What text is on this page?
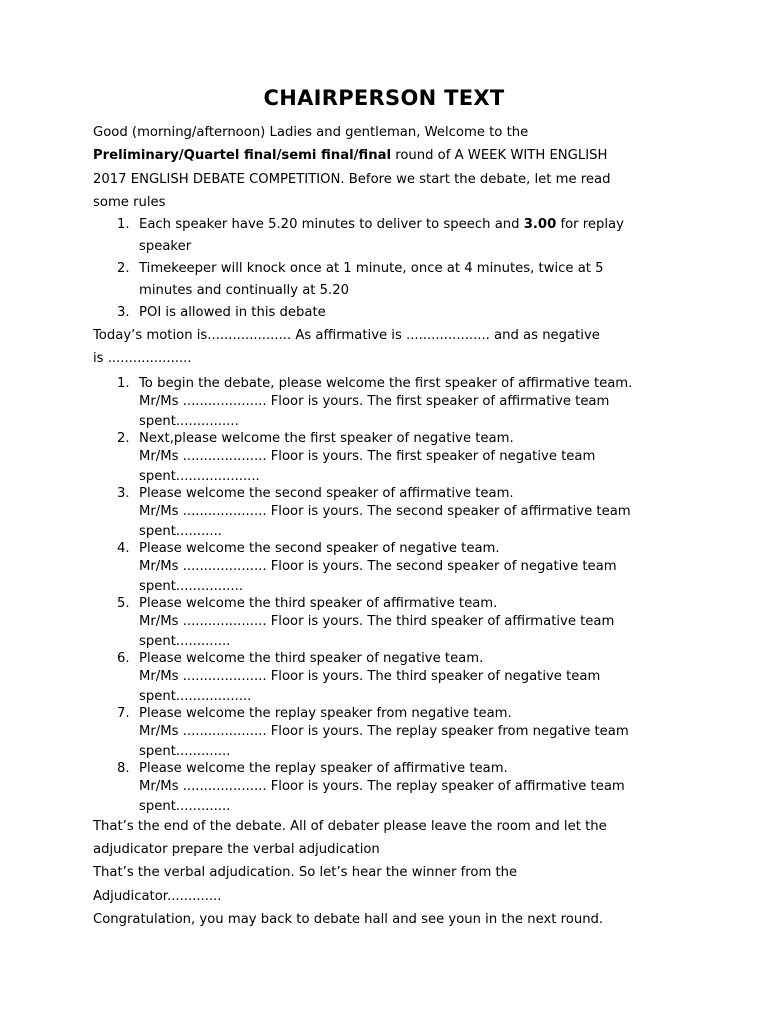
CHAIRPERSON TEXT

Good (morning/afternoon) Ladies and gentleman, Welcome to the
Preliminary/Quartel final/semi final/final round of A WEEK WITH ENGLISH
2017 ENGLISH DEBATE COMPETITION. Before we start the debate, let me read
some rules

1. Each speaker have 5.20 minutes to deliver to speech and 3.00 for replay
speaker
2. Timekeeper will knock once at 1 minute, once at 4 minutes, twice at 5
minutes and continually at 5.20
3. POI is allowed in this debate

Today’s motion is.................... As affirmative is .................... and as negative
is ....................

1. To begin the debate, please welcome the first speaker of affirmative team.
Mr/Ms .................... Floor is yours. The first speaker of affirmative team
spent...............
2. Next,please welcome the first speaker of negative team.
Mr/Ms .................... Floor is yours. The first speaker of negative team
spent....................
3. Please welcome the second speaker of affirmative team.
Mr/Ms .................... Floor is yours. The second speaker of affirmative team
spent...........
4. Please welcome the second speaker of negative team.
Mr/Ms .................... Floor is yours. The second speaker of negative team
spent................
5. Please welcome the third speaker of affirmative team.
Mr/Ms .................... Floor is yours. The third speaker of affirmative team
spent.............
6. Please welcome the third speaker of negative team.
Mr/Ms .................... Floor is yours. The third speaker of negative team
spent..................
7. Please welcome the replay speaker from negative team.
Mr/Ms .................... Floor is yours. The replay speaker from negative team
spent.............
8. Please welcome the replay speaker of affirmative team.
Mr/Ms .................... Floor is yours. The replay speaker of affirmative team
spent.............

That’s the end of the debate. All of debater please leave the room and let the
adjudicator prepare the verbal adjudication
That’s the verbal adjudication. So let’s hear the winner from the
Adjudicator.............
Congratulation, you may back to debate hall and see youn in the next round.
